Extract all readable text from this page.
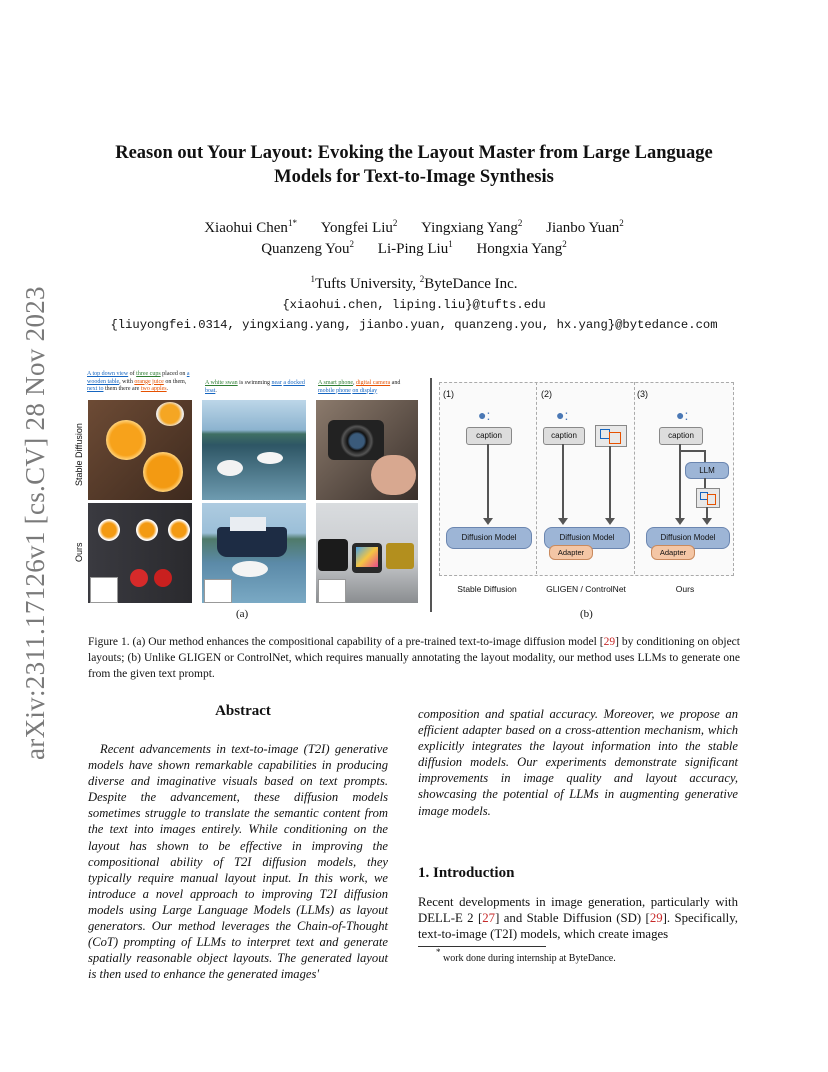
arXiv:2311.17126v1 [cs.CV] 28 Nov 2023
Reason out Your Layout: Evoking the Layout Master from Large Language
Models for Text-to-Image Synthesis
Xiaohui Chen$^{1*}$ Yongfei Liu$^2$ Yingxiang Yang$^2$ Jianbo Yuan$^2$
Quanzeng You$^2$ Li-Ping Liu$^1$ Hongxia Yang$^2$
$^1$Tufts University, $^2$ByteDance Inc.
{xiaohui.chen, liping.liu}@tufts.edu
{liuyongfei.0314, yingxiang.yang, jianbo.yuan, quanzeng.you, hx.yang}@bytedance.com
Stable Diffusion
Ours
A top down view of three cups placed on a wooden table, with orange juice on them, next to them there are two apples.
A white swan is swimming near a docked boat.
A smart phone, digital camera and mobile phone on display
(a)
(1)	(2)	(3)
●:	●:	●:
caption
Diffusion Model
Stable Diffusion
caption
Diffusion Model
Adapter
GLIGEN / ControlNet
caption
LLM
Diffusion Model
Adapter
Ours
(b)
Figure 1. (a) Our method enhances the compositional capability of a pre-trained text-to-image diffusion model [29] by conditioning on object layouts; (b) Unlike GLIGEN or ControlNet, which requires manually annotating the layout modality, our method uses LLMs to generate one from the given text prompt.
Abstract
Recent advancements in text-to-image (T2I) generative models have shown remarkable capabilities in producing diverse and imaginative visuals based on text prompts. Despite the advancement, these diffusion models sometimes struggle to translate the semantic content from the text into images entirely. While conditioning on the layout has shown to be effective in improving the compositional ability of T2I diffusion models, they typically require manual layout input. In this work, we introduce a novel approach to improving T2I diffusion models using Large Language Models (LLMs) as layout generators. Our method leverages the Chain-of-Thought (CoT) prompting of LLMs to interpret text and generate spatially reasonable object layouts. The generated layout is then used to enhance the generated images'
composition and spatial accuracy. Moreover, we propose an efficient adapter based on a cross-attention mechanism, which explicitly integrates the layout information into the stable diffusion models. Our experiments demonstrate significant improvements in image quality and layout accuracy, showcasing the potential of LLMs in augmenting generative image models.
1. Introduction
Recent developments in image generation, particularly with DELL-E 2 [27] and Stable Diffusion (SD) [29]. Specifically, text-to-image (T2I) models, which create images
* work done during internship at ByteDance.
